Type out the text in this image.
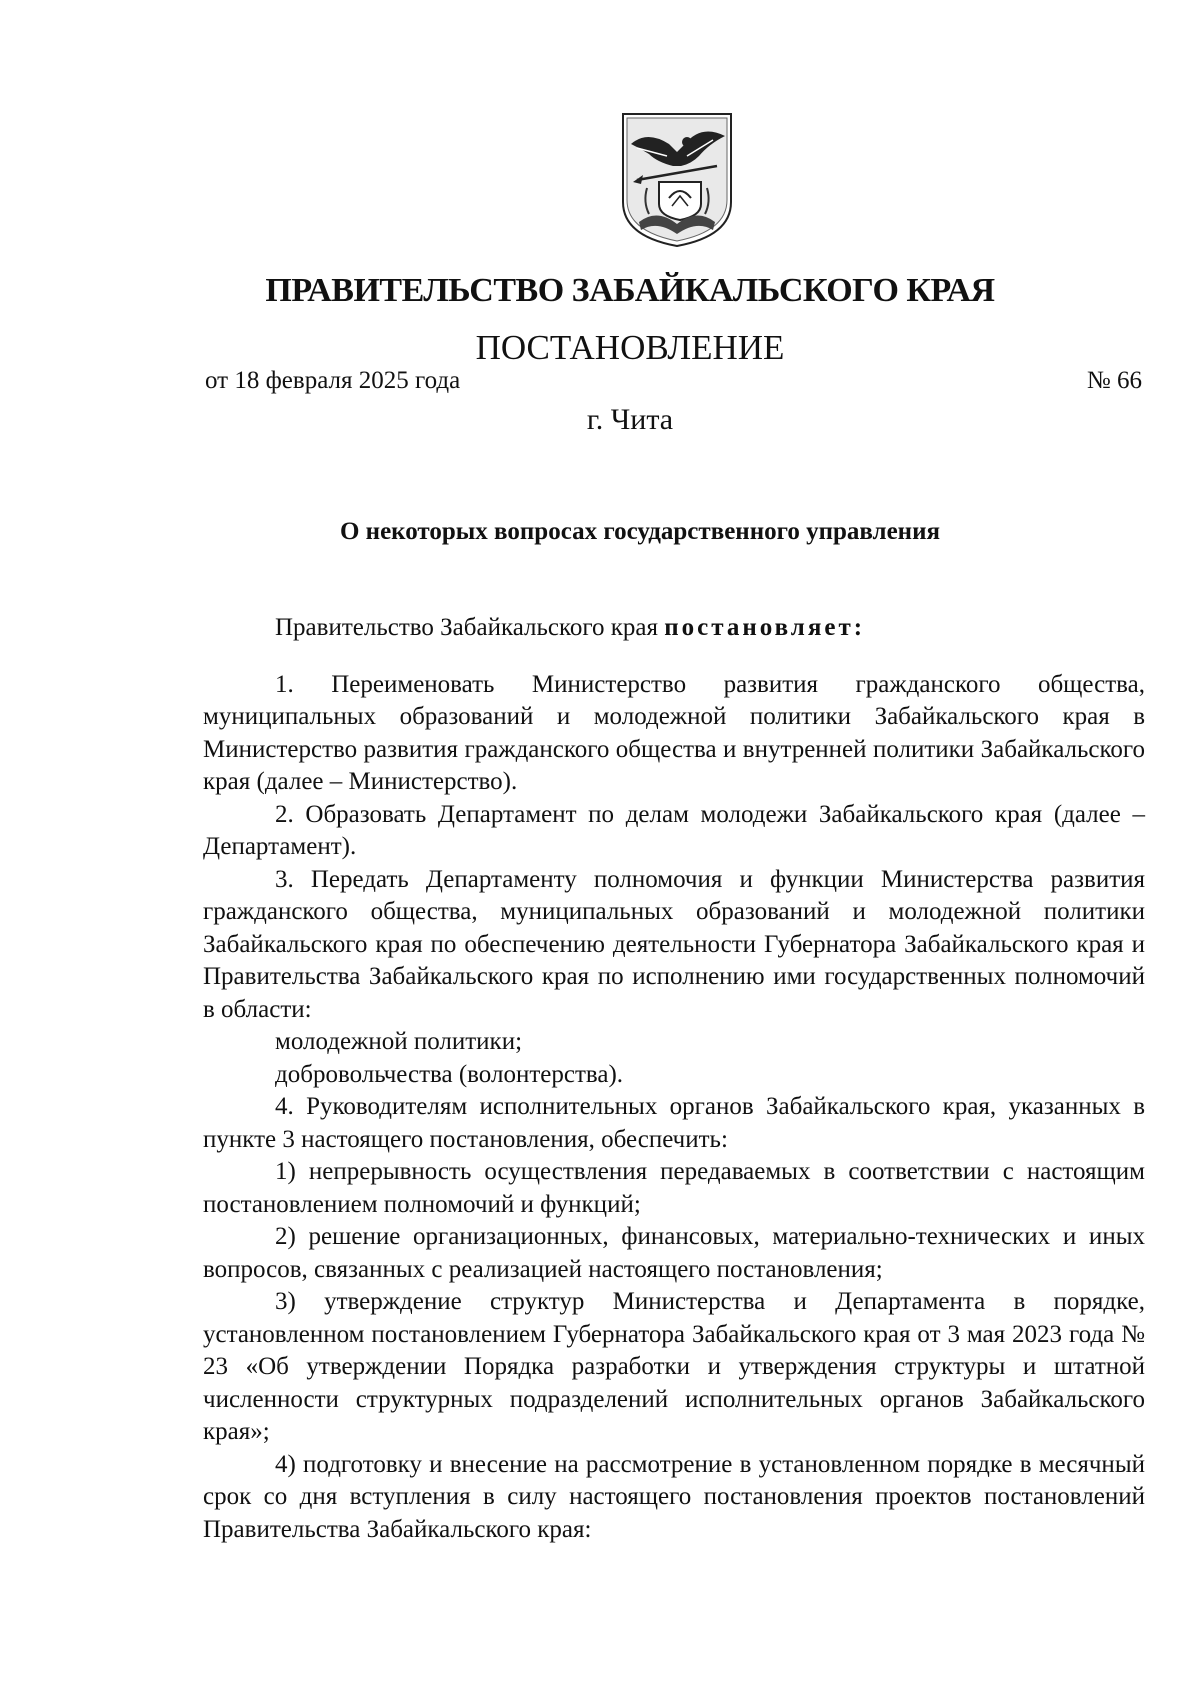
ПРАВИТЕЛЬСТВО ЗАБАЙКАЛЬСКОГО КРАЯ
ПОСТАНОВЛЕНИЕ
от 18 февраля 2025 года	№ 66
г. Чита
О некоторых вопросах государственного управления

Правительство Забайкальского края постановляет:

1. Переименовать Министерство развития гражданского общества, муниципальных образований и молодежной политики Забайкальского края в Министерство развития гражданского общества и внутренней политики Забайкальского края (далее – Министерство).

2. Образовать Департамент по делам молодежи Забайкальского края (далее – Департамент).

3. Передать Департаменту полномочия и функции Министерства развития гражданского общества, муниципальных образований и молодежной политики Забайкальского края по обеспечению деятельности Губернатора Забайкальского края и Правительства Забайкальского края по исполнению ими государственных полномочий в области:

молодежной политики;

добровольчества (волонтерства).

4. Руководителям исполнительных органов Забайкальского края, указанных в пункте 3 настоящего постановления, обеспечить:

1) непрерывность осуществления передаваемых в соответствии с настоящим постановлением полномочий и функций;

2) решение организационных, финансовых, материально-технических и иных вопросов, связанных с реализацией настоящего постановления;

3) утверждение структур Министерства и Департамента в порядке, установленном постановлением Губернатора Забайкальского края от 3 мая 2023 года № 23 «Об утверждении Порядка разработки и утверждения структуры и штатной численности структурных подразделений исполнительных органов Забайкальского края»;

4) подготовку и внесение на рассмотрение в установленном порядке в месячный срок со дня вступления в силу настоящего постановления проектов постановлений Правительства Забайкальского края:
